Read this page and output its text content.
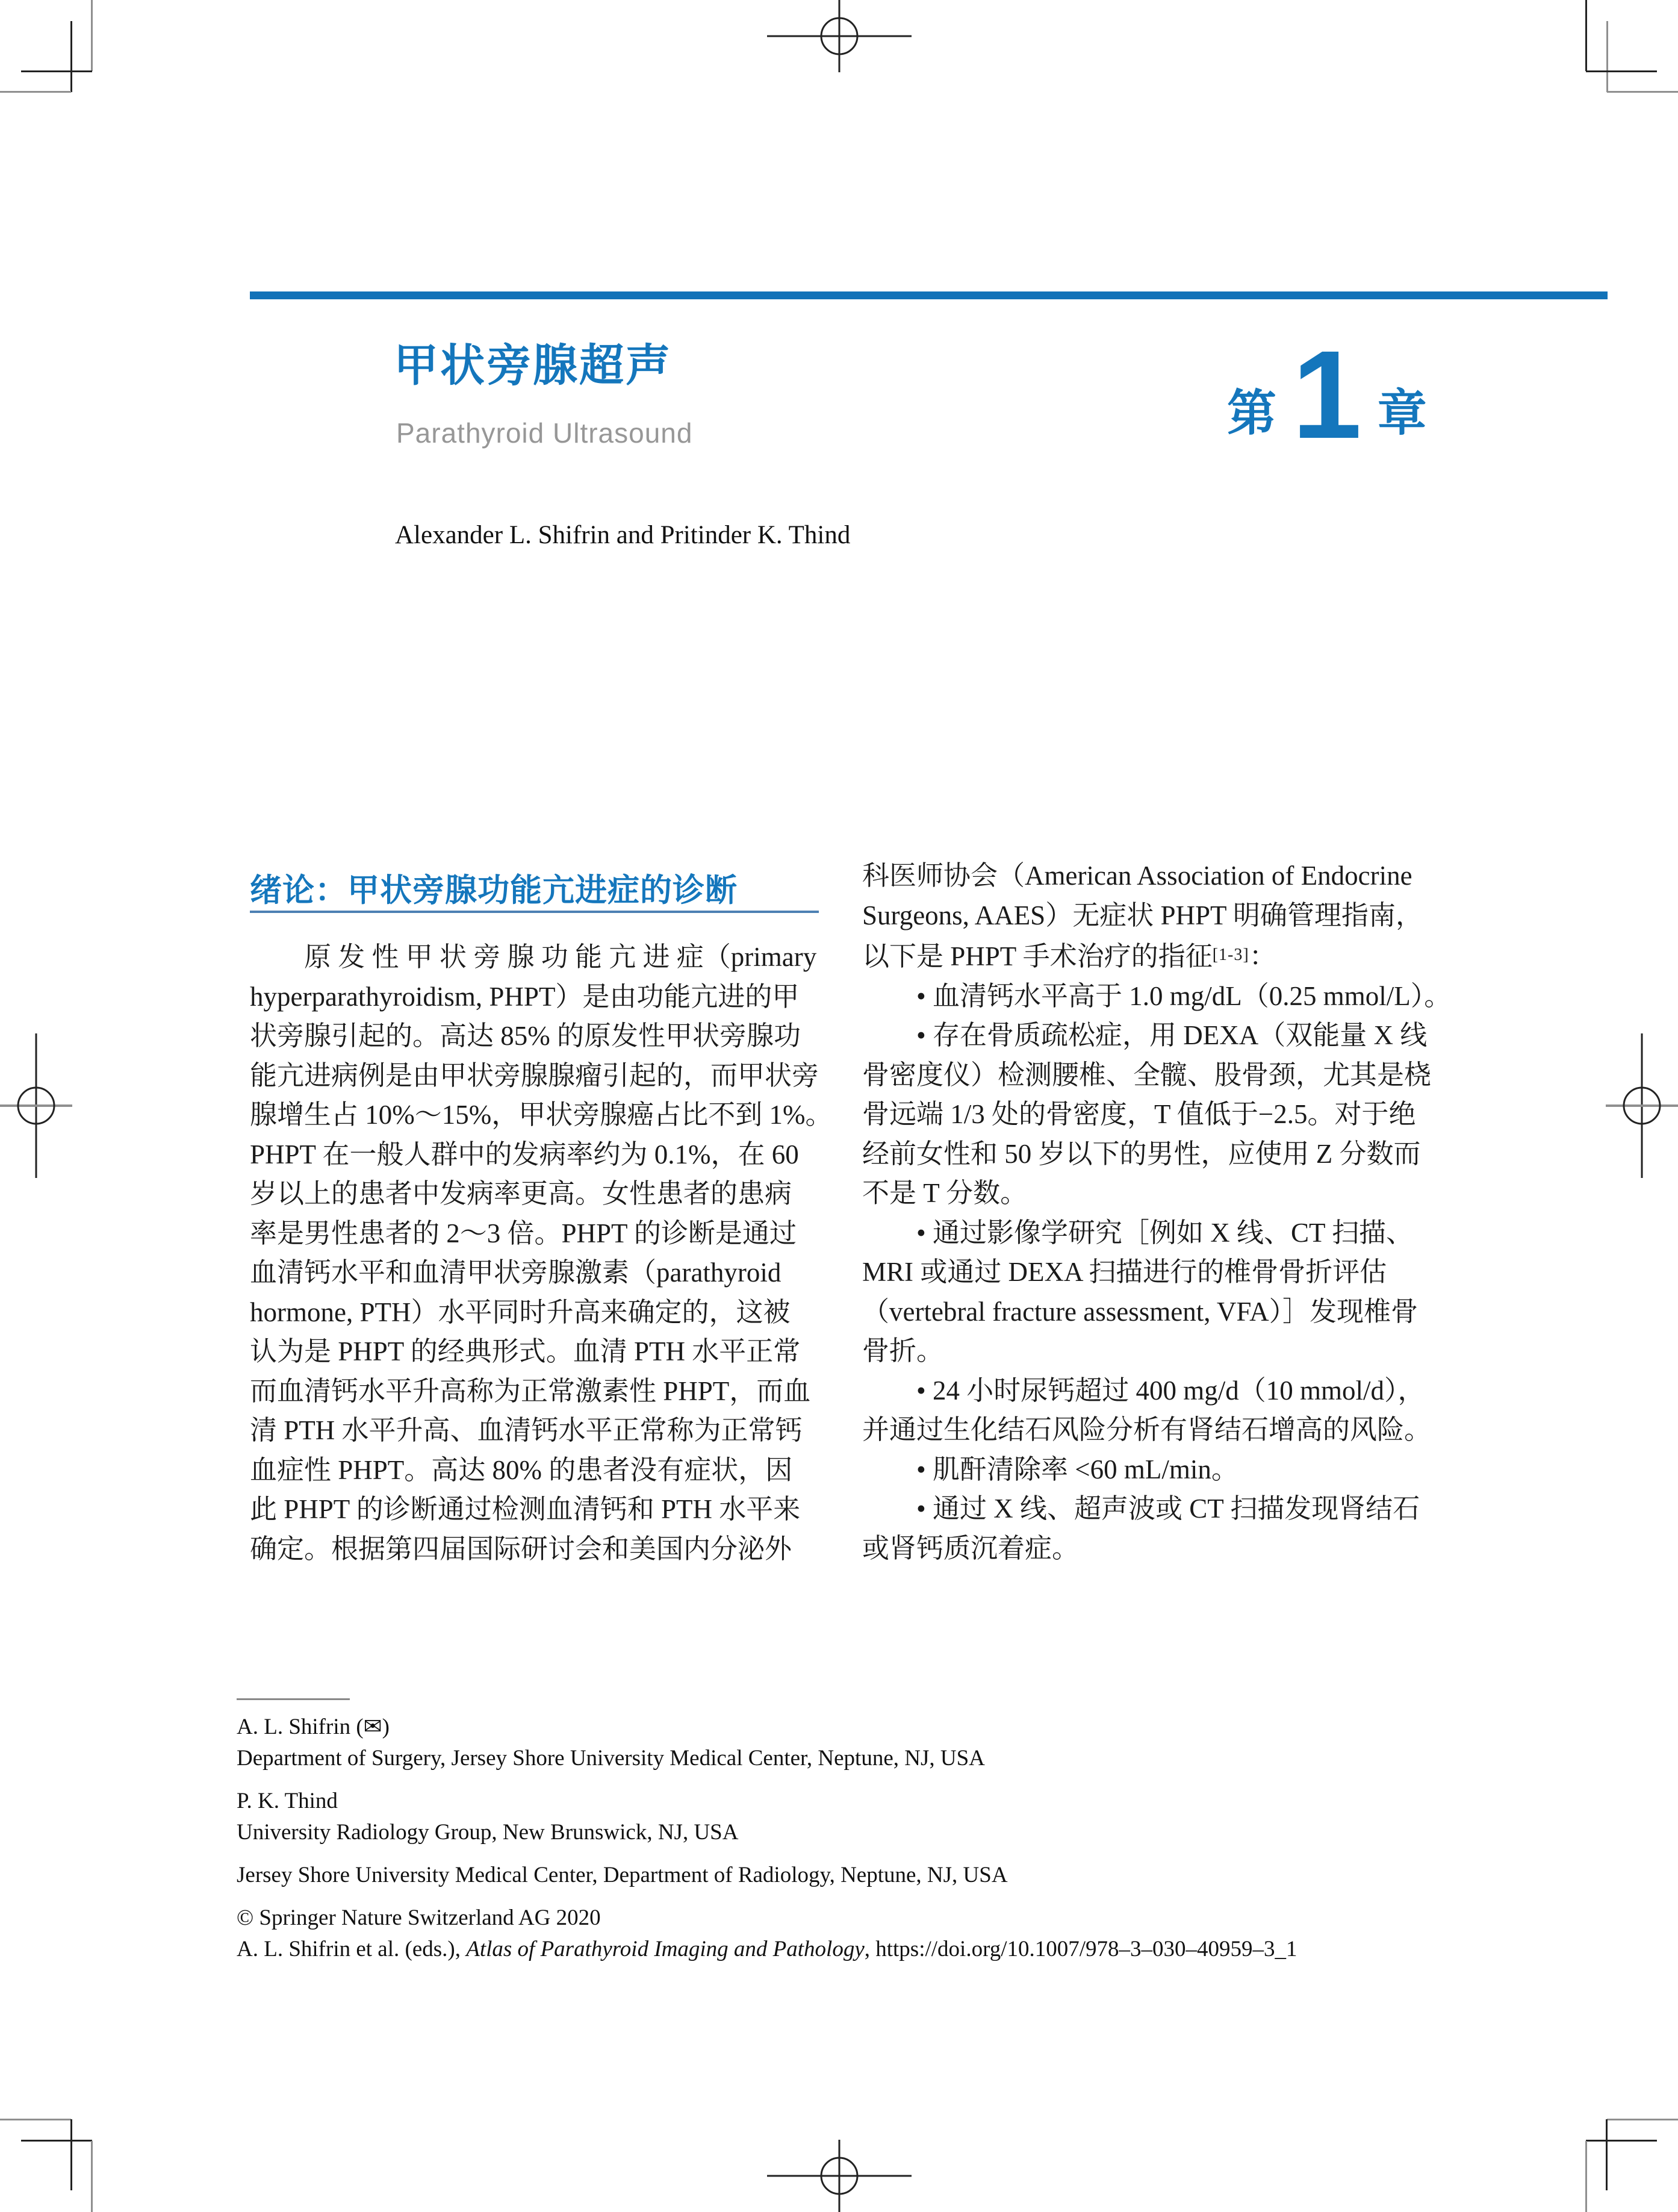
甲状旁腺超声
Parathyroid Ultrasound	第 1 章
Alexander L. Shifrin and Pritinder K. Thind
绪论：甲状旁腺功能亢进症的诊断
　　原 发 性 甲 状 旁 腺 功 能 亢 进 症（primary
hyperparathyroidism, PHPT）是由功能亢进的甲
状旁腺引起的。高达 85% 的原发性甲状旁腺功
能亢进病例是由甲状旁腺腺瘤引起的，而甲状旁
腺增生占 10%～15%，甲状旁腺癌占比不到 1%。
PHPT 在一般人群中的发病率约为 0.1%，在 60
岁以上的患者中发病率更高。女性患者的患病
率是男性患者的 2～3 倍。PHPT 的诊断是通过
血清钙水平和血清甲状旁腺激素（parathyroid
hormone, PTH）水平同时升高来确定的，这被
认为是 PHPT 的经典形式。血清 PTH 水平正常
而血清钙水平升高称为正常激素性 PHPT，而血
清 PTH 水平升高、血清钙水平正常称为正常钙
血症性 PHPT。高达 80% 的患者没有症状，因
此 PHPT 的诊断通过检测血清钙和 PTH 水平来
确定。根据第四届国际研讨会和美国内分泌外
科医师协会（American Association of Endocrine
Surgeons, AAES）无症状 PHPT 明确管理指南，
以下是 PHPT 手术治疗的指征[1-3]：
　　• 血清钙水平高于 1.0 mg/dL（0.25 mmol/L）。
　　• 存在骨质疏松症，用 DEXA（双能量 X 线
骨密度仪）检测腰椎、全髋、股骨颈，尤其是桡
骨远端 1/3 处的骨密度，T 值低于−2.5。对于绝
经前女性和 50 岁以下的男性，应使用 Z 分数而
不是 T 分数。
　　• 通过影像学研究［例如 X 线、CT 扫描、
MRI 或通过 DEXA 扫描进行的椎骨骨折评估
（vertebral fracture assessment, VFA）］发现椎骨
骨折。
　　• 24 小时尿钙超过 400 mg/d（10 mmol/d），
并通过生化结石风险分析有肾结石增高的风险。
　　• 肌酐清除率 <60 mL/min。
　　• 通过 X 线、超声波或 CT 扫描发现肾结石
或肾钙质沉着症。
A. L. Shifrin (✉)
Department of Surgery, Jersey Shore University Medical Center, Neptune, NJ, USA
P. K. Thind
University Radiology Group, New Brunswick, NJ, USA
Jersey Shore University Medical Center, Department of Radiology, Neptune, NJ, USA
© Springer Nature Switzerland AG 2020
A. L. Shifrin et al. (eds.), Atlas of Parathyroid Imaging and Pathology, https://doi.org/10.1007/978–3–030–40959–3_1
